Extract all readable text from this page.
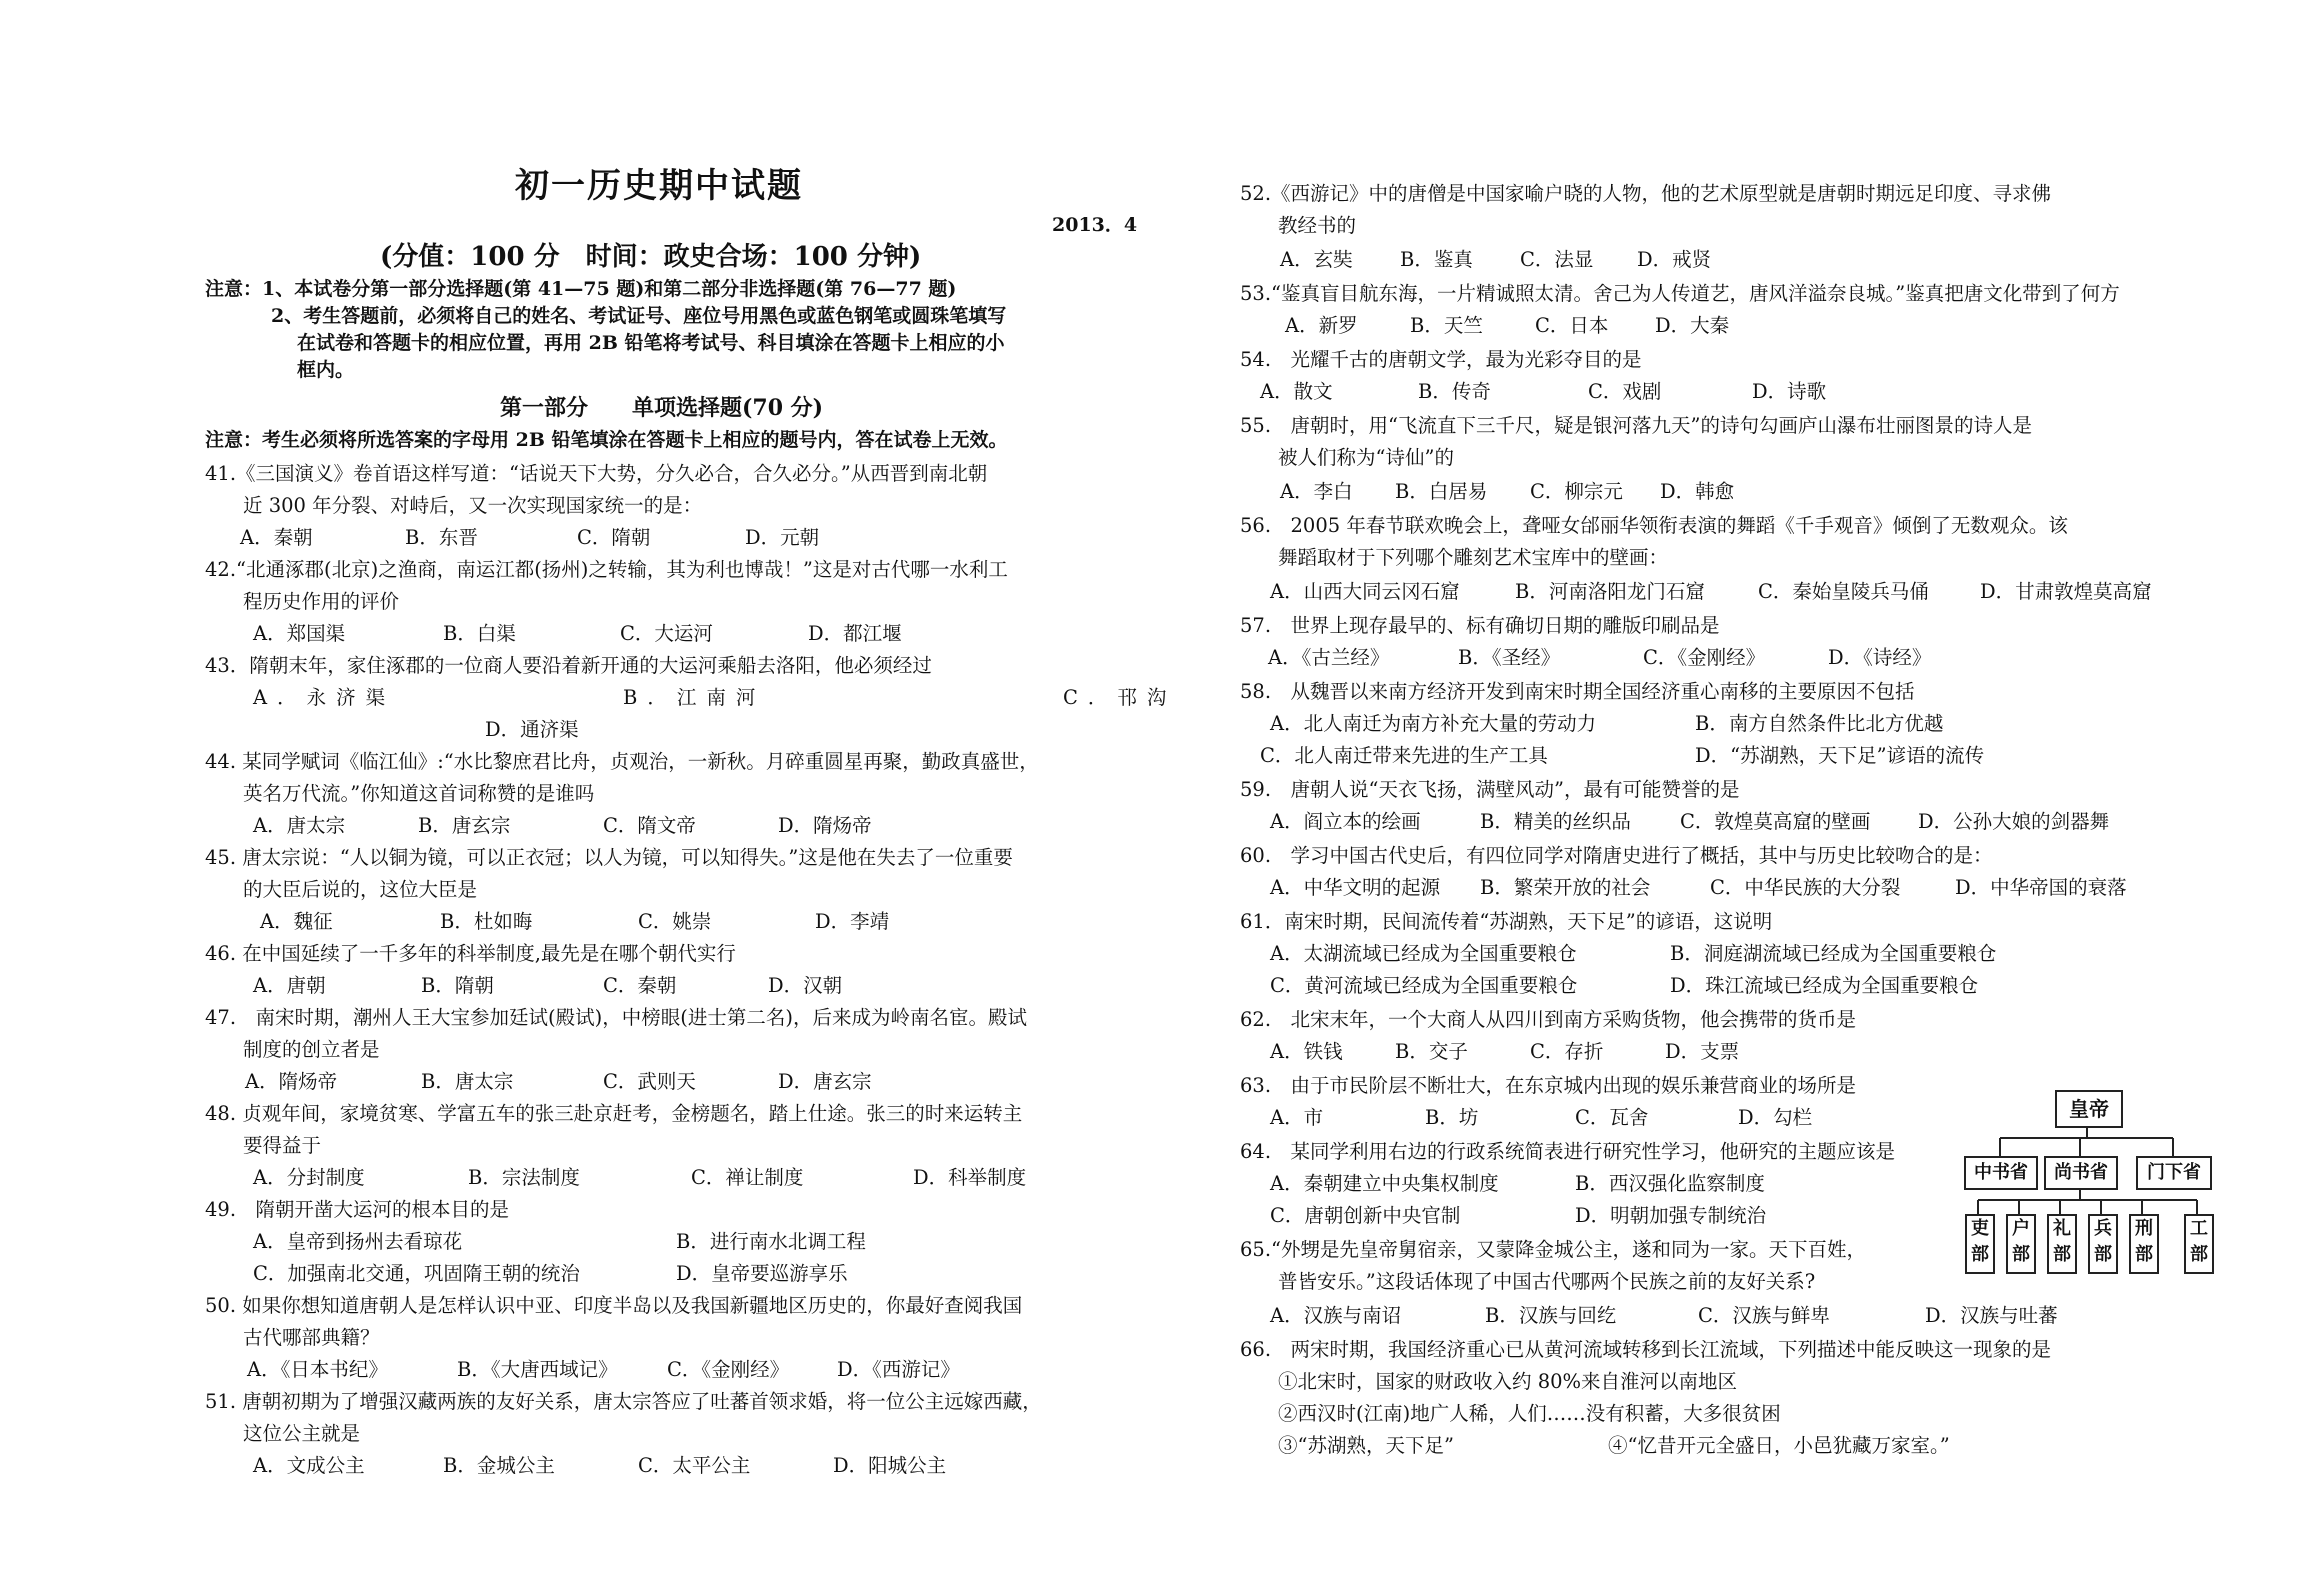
初一历史期中试题
2013．4
(分值：100 分　时间：政史合场：100 分钟)
注意：1、本试卷分第一部分选择题(第 41—75 题)和第二部分非选择题(第 76—77 题)
2、考生答题前，必须将自己的姓名、考试证号、座位号用黑色或蓝色钢笔或圆珠笔填写
在试卷和答题卡的相应位置，再用 2B 铅笔将考试号、科目填涂在答题卡上相应的小
框内。
第一部分　　单项选择题(70 分)
注意：考生必须将所选答案的字母用 2B 铅笔填涂在答题卡上相应的题号内，答在试卷上无效。
41.《三国演义》卷首语这样写道：“话说天下大势，分久必合，合久必分。”从西晋到南北朝
近 300 年分裂、对峙后，又一次实现国家统一的是：
A．秦朝	B．东晋	C．隋朝	D．元朝
42.“北通涿郡(北京)之渔商，南运江都(扬州)之转输，其为利也博哉！”这是对古代哪一水利工
程历史作用的评价
A．郑国渠	B．白渠	C．大运河	D．都江堰
43．隋朝末年，家住涿郡的一位商人要沿着新开通的大运河乘船去洛阳，他必须经过
A．永济渠	B．江南河	C．邗沟
D．通济渠
44. 某同学赋词《临江仙》:“水比黎庶君比舟，贞观治，一新秋。月碎重圆星再聚，勤政真盛世，
英名万代流。”你知道这首词称赞的是谁吗
A．唐太宗	B．唐玄宗	C．隋文帝	D．隋炀帝
45. 唐太宗说：“人以铜为镜，可以正衣冠；以人为镜，可以知得失。”这是他在失去了一位重要
的大臣后说的，这位大臣是
A．魏征	B．杜如晦	C．姚崇	D．李靖
46. 在中国延续了一千多年的科举制度,最先是在哪个朝代实行
A．唐朝	B．隋朝	C．秦朝	D．汉朝
47.　南宋时期，潮州人王大宝参加廷试(殿试)，中榜眼(进士第二名)，后来成为岭南名宦。殿试
制度的创立者是
A．隋炀帝	B．唐太宗	C．武则天	D．唐玄宗
48. 贞观年间，家境贫寒、学富五车的张三赴京赶考，金榜题名，踏上仕途。张三的时来运转主
要得益于
A．分封制度	B．宗法制度	C．禅让制度	D．科举制度
49.　隋朝开凿大运河的根本目的是
A．皇帝到扬州去看琼花	B．进行南水北调工程
C．加强南北交通，巩固隋王朝的统治	D．皇帝要巡游享乐
50. 如果你想知道唐朝人是怎样认识中亚、印度半岛以及我国新疆地区历史的，你最好查阅我国
古代哪部典籍？
A．《日本书纪》	B．《大唐西域记》	C．《金刚经》 D．《西游记》
51. 唐朝初期为了增强汉藏两族的友好关系，唐太宗答应了吐蕃首领求婚，将一位公主远嫁西藏，
这位公主就是
A．文成公主	B．金城公主	C．太平公主	D．阳城公主
52.《西游记》中的唐僧是中国家喻户晓的人物，他的艺术原型就是唐朝时期远足印度、寻求佛
教经书的
A．玄奘 B．鉴真 C．法显 D．戒贤
53.“鉴真盲目航东海，一片精诚照太清。舍己为人传道艺，唐风洋溢奈良城。”鉴真把唐文化带到了何方
A．新罗	B．天竺	C．日本 D．大秦
54.　光耀千古的唐朝文学，最为光彩夺目的是
A．散文	B．传奇	C．戏剧	D．诗歌
55.　唐朝时，用“飞流直下三千尺，疑是银河落九天”的诗句勾画庐山瀑布壮丽图景的诗人是
被人们称为“诗仙”的
A．李白 B．白居易 C．柳宗元 D．韩愈
56.　2005 年春节联欢晚会上，聋哑女邰丽华领衔表演的舞蹈《千手观音》倾倒了无数观众。该
舞蹈取材于下列哪个雕刻艺术宝库中的壁画：
A．山西大同云冈石窟	B．河南洛阳龙门石窟	C．秦始皇陵兵马俑	D．甘肃敦煌莫高窟
57.　世界上现存最早的、标有确切日期的雕版印刷品是
A．《古兰经》	B．《圣经》	C．《金刚经》	D．《诗经》
58.　从魏晋以来南方经济开发到南宋时期全国经济重心南移的主要原因不包括
A．北人南迁为南方补充大量的劳动力	B．南方自然条件比北方优越
C．北人南迁带来先进的生产工具	D．“苏湖熟，天下足”谚语的流传
59.　唐朝人说“天衣飞扬，满壁风动”，最有可能赞誉的是
A．阎立本的绘画	B．精美的丝织品	C．敦煌莫高窟的壁画 D．公孙大娘的剑器舞
60.　学习中国古代史后，有四位同学对隋唐史进行了概括，其中与历史比较吻合的是：
A．中华文明的起源 B．繁荣开放的社会	C．中华民族的大分裂	D．中华帝国的衰落
61．南宋时期，民间流传着“苏湖熟，天下足”的谚语，这说明
A．太湖流域已经成为全国重要粮仓	B．洞庭湖流域已经成为全国重要粮仓
C．黄河流域已经成为全国重要粮仓	D．珠江流域已经成为全国重要粮仓
62.　北宋末年，一个大商人从四川到南方采购货物，他会携带的货币是
A．铁钱	B．交子	C．存折	D．支票
63.　由于市民阶层不断壮大，在东京城内出现的娱乐兼营商业的场所是
A．市	B．坊	C．瓦舍	D．勾栏
64.　某同学利用右边的行政系统简表进行研究性学习，他研究的主题应该是
A．秦朝建立中央集权制度	B．西汉强化监察制度
C．唐朝创新中央官制	D．明朝加强专制统治
65.“外甥是先皇帝舅宿亲，又蒙降金城公主，遂和同为一家。天下百姓，
普皆安乐。”这段话体现了中国古代哪两个民族之前的友好关系?
A．汉族与南诏	B．汉族与回纥	C．汉族与鲜卑	D．汉族与吐蕃
66.　两宋时期，我国经济重心已从黄河流域转移到长江流域，下列描述中能反映这一现象的是
①北宋时，国家的财政收入约 80%来自淮河以南地区
②西汉时(江南)地广人稀，人们……没有积蓄，大多很贫困
③“苏湖熟，天下足”	④“忆昔开元全盛日，小邑犹藏万家室。”
皇帝
中书省	尚书省	门下省
吏
部
户
部
礼
部
兵
部
刑
部
工
部
